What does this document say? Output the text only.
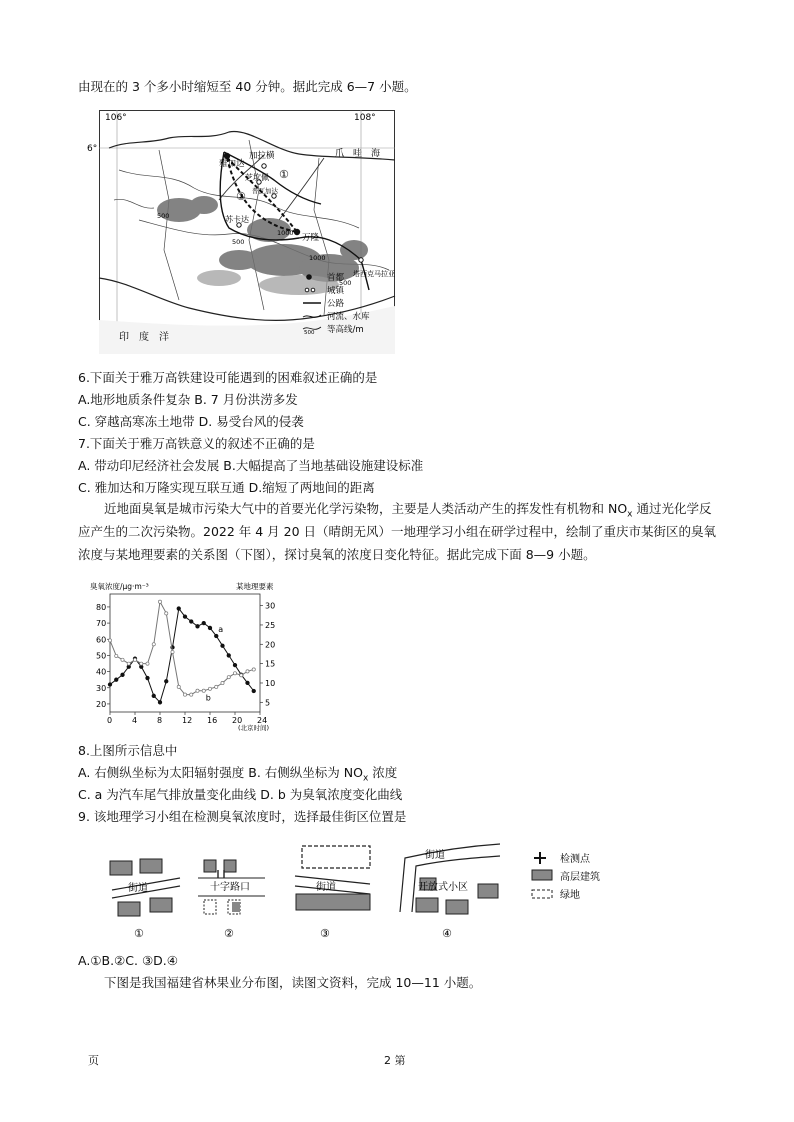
由现在的 3 个多小时缩短至 40 分钟。据此完成 6—7 小题。
106°	108°
6°	爪　哇　海
印　度　洋
雅加达
加拉横
芝坎佩
普瓦加达
万隆
苏卡达
塔西克马拉亚
①
②
500
500
1000
1000
500
500
首都
城镇
公路
河流、水库
等高线/m
6.下面关于雅万高铁建设可能遇到的困难叙述正确的是
A.地形地质条件复杂 B. 7 月份洪涝多发
C. 穿越高寒冻土地带 D. 易受台风的侵袭
7.下面关于雅万高铁意义的叙述不正确的是
A. 带动印尼经济社会发展 B.大幅提高了当地基础设施建设标准
C. 雅加达和万隆实现互联互通 D.缩短了两地间的距离
近地面臭氧是城市污染大气中的首要光化学污染物，主要是人类活动产生的挥发性有机物和 $NO_x$ 通过光化学反应产生的二次污染物。2022 年 4 月 20 日（晴朗无风）一地理学习小组在研学过程中，绘制了重庆市某街区的臭氧浓度与某地理要素的关系图（下图），探讨臭氧的浓度日变化特征。据此完成下面 8—9 小题。
臭氧浓度/μg·m⁻³	某地理要素
(北京时间)
0 4 8 12 16 20 24
20
30
40
50
60
70
80
5
10
15
20
25
30
a
b
8.上图所示信息中
A. 右侧纵坐标为太阳辐射强度 B. 右侧纵坐标为 $NO_x$ 浓度
C. a 为汽车尾气排放量变化曲线 D. b 为臭氧浓度变化曲线
9. 该地理学习小组在检测臭氧浓度时，选择最佳街区位置是
街道
①
十字路口
②
街道
③
街道
开放式小区
④
检测点
高层建筑
绿地
A.①B.②C. ③D.④
下图是我国福建省林果业分布图，读图文资料，完成 10—11 小题。
页	2 第
